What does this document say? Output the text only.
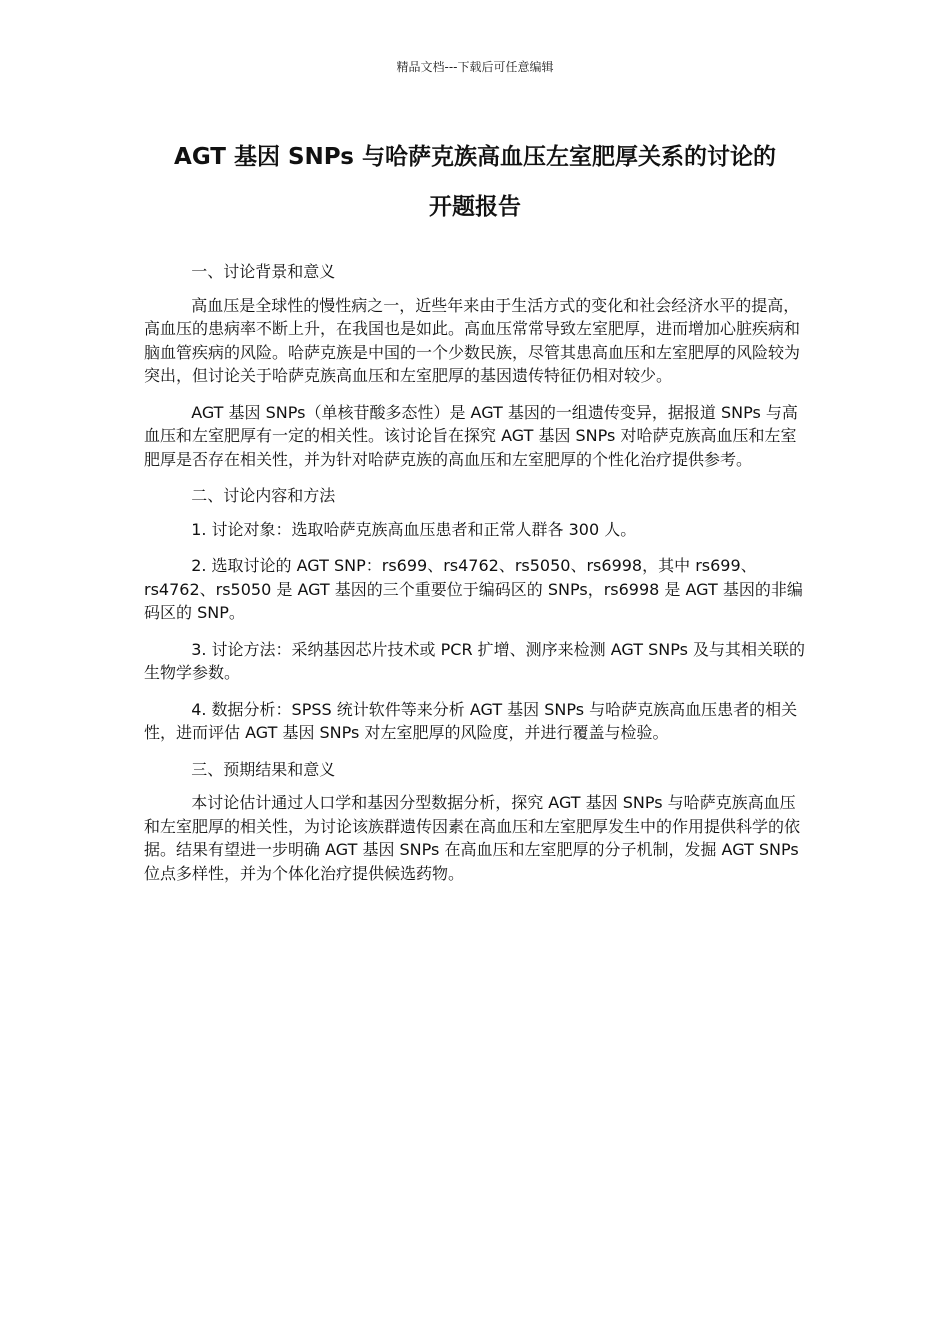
精品文档---下载后可任意编辑
AGT 基因 SNPs 与哈萨克族高血压左室肥厚关系的讨论的
开题报告

一、讨论背景和意义

高血压是全球性的慢性病之一，近些年来由于生活方式的变化和社会经济水平的提高，高血压的患病率不断上升，在我国也是如此。高血压常常导致左室肥厚，进而增加心脏疾病和脑血管疾病的风险。哈萨克族是中国的一个少数民族，尽管其患高血压和左室肥厚的风险较为突出，但讨论关于哈萨克族高血压和左室肥厚的基因遗传特征仍相对较少。

AGT 基因 SNPs（单核苷酸多态性）是 AGT 基因的一组遗传变异，据报道 SNPs 与高血压和左室肥厚有一定的相关性。该讨论旨在探究 AGT 基因 SNPs 对哈萨克族高血压和左室肥厚是否存在相关性，并为针对哈萨克族的高血压和左室肥厚的个性化治疗提供参考。

二、讨论内容和方法

1. 讨论对象：选取哈萨克族高血压患者和正常人群各 300 人。

2. 选取讨论的 AGT SNP：rs699、rs4762、rs5050、rs6998，其中 rs699、rs4762、rs5050 是 AGT 基因的三个重要位于编码区的 SNPs，rs6998 是 AGT 基因的非编码区的 SNP。

3. 讨论方法：采纳基因芯片技术或 PCR 扩增、测序来检测 AGT SNPs 及与其相关联的生物学参数。

4. 数据分析：SPSS 统计软件等来分析 AGT 基因 SNPs 与哈萨克族高血压患者的相关性，进而评估 AGT 基因 SNPs 对左室肥厚的风险度，并进行覆盖与检验。

三、预期结果和意义

本讨论估计通过人口学和基因分型数据分析，探究 AGT 基因 SNPs 与哈萨克族高血压和左室肥厚的相关性，为讨论该族群遗传因素在高血压和左室肥厚发生中的作用提供科学的依据。结果有望进一步明确 AGT 基因 SNPs 在高血压和左室肥厚的分子机制，发掘 AGT SNPs 位点多样性，并为个体化治疗提供候选药物。
